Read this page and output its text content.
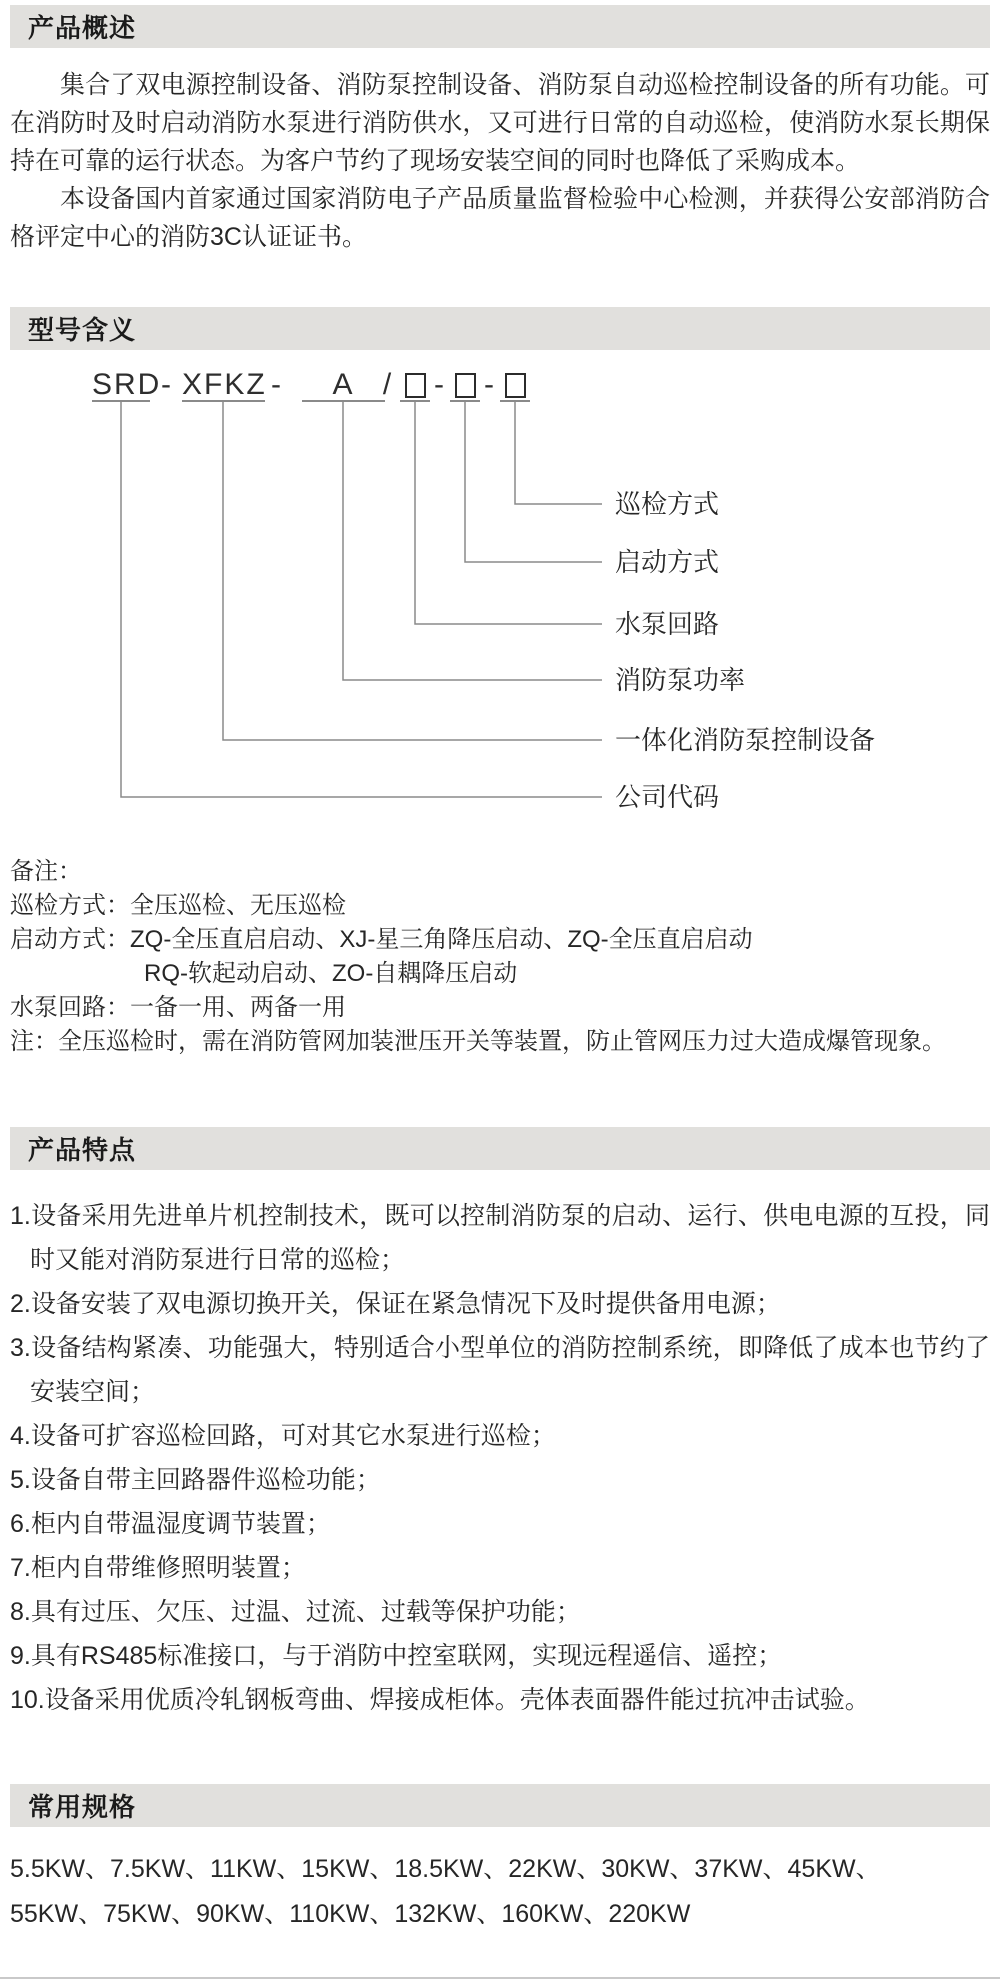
产品概述

集合了双电源控制设备、消防泵控制设备、消防泵自动巡检控制设备的所有功能。可在消防时及时启动消防水泵进行消防供水，又可进行日常的自动巡检，使消防水泵长期保持在可靠的运行状态。为客户节约了现场安装空间的同时也降低了采购成本。

本设备国内首家通过国家消防电子产品质量监督检验中心检测，并获得公安部消防合格评定中心的消防3C认证证书。

型号含义
SRD - XFKZ -	A / - -
巡检方式
启动方式
水泵回路
消防泵功率
一体化消防泵控制设备
公司代码
备注：
巡检方式：全压巡检、无压巡检
启动方式：ZQ-全压直启启动、XJ-星三角降压启动、ZQ-全压直启启动
RQ-软起动启动、ZO-自耦降压启动
水泵回路：一备一用、两备一用
注：全压巡检时，需在消防管网加装泄压开关等装置，防止管网压力过大造成爆管现象。
产品特点
1.设备采用先进单片机控制技术，既可以控制消防泵的启动、运行、供电电源的互投，同时又能对消防泵进行日常的巡检；
2.设备安装了双电源切换开关，保证在紧急情况下及时提供备用电源；
3.设备结构紧凑、功能强大，特别适合小型单位的消防控制系统，即降低了成本也节约了安装空间；
4.设备可扩容巡检回路，可对其它水泵进行巡检；
5.设备自带主回路器件巡检功能；
6.柜内自带温湿度调节装置；
7.柜内自带维修照明装置；
8.具有过压、欠压、过温、过流、过载等保护功能；
9.具有RS485标准接口，与于消防中控室联网，实现远程遥信、遥控；
10.设备采用优质冷轧钢板弯曲、焊接成柜体。壳体表面器件能过抗冲击试验。
常用规格
5.5KW、7.5KW、11KW、15KW、18.5KW、22KW、30KW、37KW、45KW、
55KW、75KW、90KW、110KW、132KW、160KW、220KW
